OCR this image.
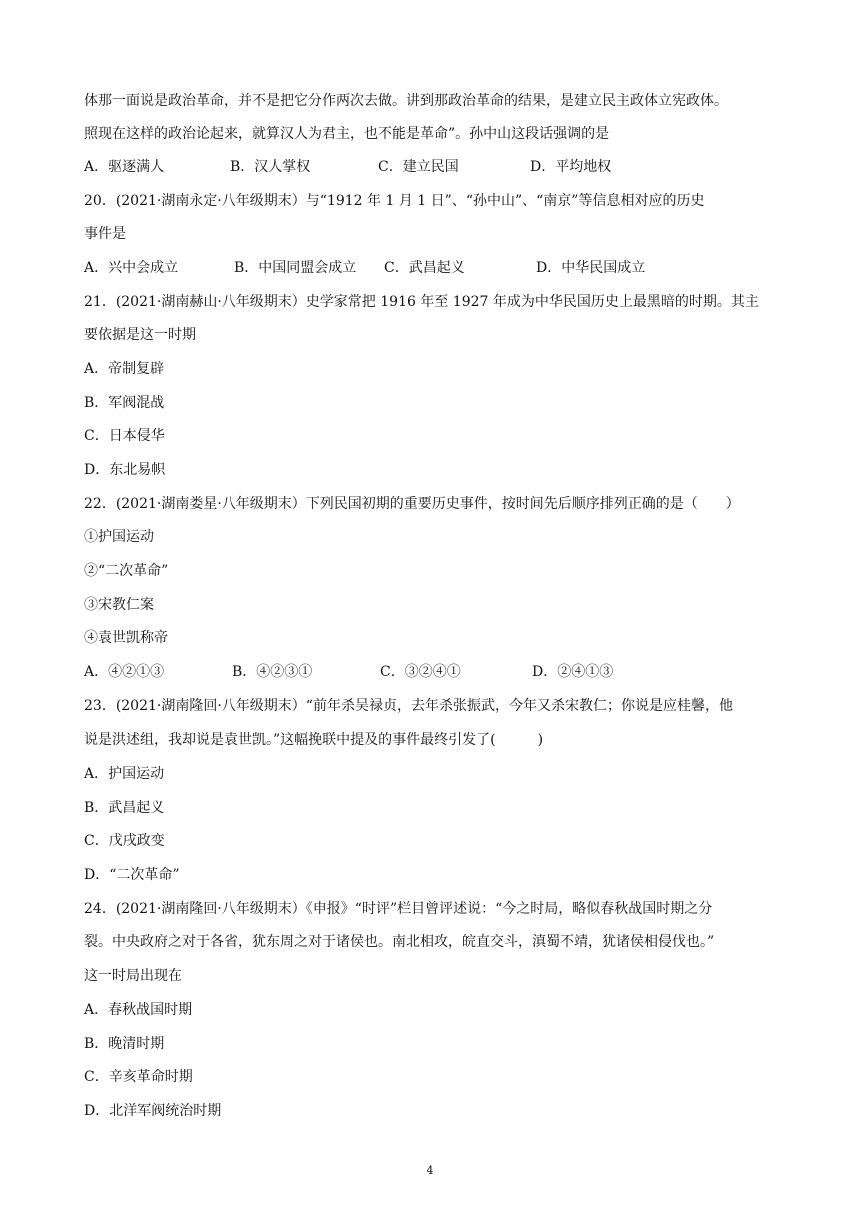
体那一面说是政治革命，并不是把它分作两次去做。讲到那政治革命的结果，是建立民主政体立宪政体。
照现在这样的政治论起来，就算汉人为君主，也不能是革命”。孙中山这段话强调的是
A．驱逐满人	B．汉人掌权	C．建立民国	D．平均地权
20．(2021·湖南永定·八年级期末）与“1912 年 1 月 1 日”、“孙中山”、“南京”等信息相对应的历史
事件是
A．兴中会成立	B．中国同盟会成立 C．武昌起义	D．中华民国成立
21．(2021·湖南赫山·八年级期末）史学家常把 1916 年至 1927 年成为中华民国历史上最黑暗的时期。其主
要依据是这一时期
A．帝制复辟
B．军阀混战
C．日本侵华
D．东北易帜
22．(2021·湖南娄星·八年级期末）下列民国初期的重要历史事件，按时间先后顺序排列正确的是（　　）
①护国运动
②“二次革命”
③宋教仁案
④袁世凯称帝
A．④②①③	B．④②③①	C．③②④①	D．②④①③
23．(2021·湖南隆回·八年级期末）“前年杀吴禄贞，去年杀张振武，今年又杀宋教仁；你说是应桂馨，他
说是洪述组，我却说是袁世凯。”这幅挽联中提及的事件最终引发了(　　　)
A．护国运动
B．武昌起义
C．戊戌政变
D．“二次革命”
24．(2021·湖南隆回·八年级期末）《申报》“时评”栏目曾评述说：“今之时局，略似春秋战国时期之分
裂。中央政府之对于各省，犹东周之对于诸侯也。南北相攻，皖直交斗，滇蜀不靖，犹诸侯相侵伐也。”
这一时局出现在
A．春秋战国时期
B．晚清时期
C．辛亥革命时期
D．北洋军阀统治时期
4
